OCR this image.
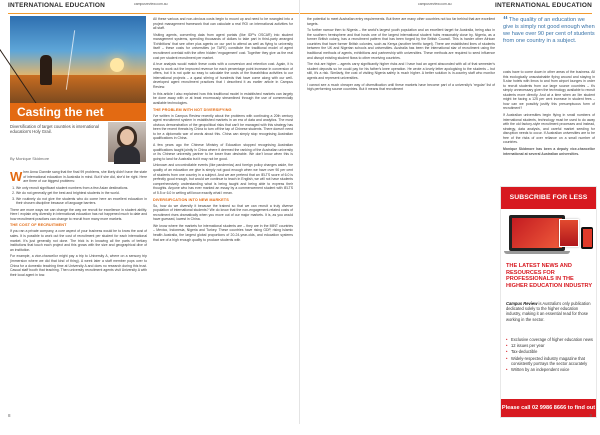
INTERNATIONAL EDUCATION	campusreview.com.au
Casting the net
Diversification of target countries is international education's Holy Grail.
By Monique Skidmore

When Anna Ciannile sang that the final 99 problems, she likely didn't have the state of international education in Australia in mind. But if she did, she'd be right. Here are three of our biggest problems:

1. We only recruit significant student numbers from a few Asian destinations.
2. We do not generally get the best and brightest students in the world.
3. We routinely do not give the students who do come here an excellent education in their chosen discipline because of language barriers.

There are more ways we can change the way we recruit for excellence in student ability. Here I explain why diversity in international education has not happened much to date and how recruitment practices can change to recruit from many more markets.

THE COST OF RECRUITMENT

If you ran a private company, a core aspect of your business would be to know the cost of sales. It is possible to work out the cost of recruitment per student for each international market. It's just generally not done. The trick is in knowing all the parts of tertiary institutions that touch each project and this grows with the size and geographical dive of an institution.

For example, a vice-chancellor might pay a trip to University A, where on a sensory trip (immersion where we did that kind of thing). A week later a staff member pops over to China for a domestic teaching time at University A and does no research during this trust. Casual staff booth that teaching. Then university recruitment agents visit University A with their local agent in tow.

All these various and non-obvious costs begin to mount up and need to be wrangled into a project management framework that can calculate a real ROI on international activities for all staff.

Visiting agents, converting data from agent portals (like IDP's OSCAR) into student management systems, spending thousands of dollars to take part in third-party arranged 'Exhibitions' that see other plus agents on our part to attend as well as flying to university itself – these costs for universities (or TAFE) constitute the traditional model of agent recruitment overlaid with the often hidden 'engagement' cost. Together they give us the real cost per student recruitment per market.

A true analysis would match these costs with a conversion and retention cost. Again, it is easy to work out the improved revenue for each percentage point increase in conversion of offers, but it is not quite so easy to calculate the costs of the tharabihlica activities to our international projects – a quasi stirring of hundreds that have come along with our well-developed agent recruitment practices that I described it as earlier article in Campus Review.

In this article I also explained how this traditional model in established markets can largely be done away with or at least enormously streamlined through the use of commercially available technologies.

THE PROBLEM WITH NOT DIVERSIFYING

I've written in Campus Review recently about the problems with continuing a 20th century agent recruitment system in established markets in an era of data and analytics. The most obvious demonstration of the geopolitical risks that can't be managed with this strategy has been the recent threats by China to turn off the tap of Chinese students. There doesn't need to be a diplomatic war of words about this. China can simply stop recognising Australian qualifications in China.

A few years ago the Chinese Ministry of Education stopped recognising Australian qualifications taught jointly in China where it deemed the ranking of the Australian university or its Chinese university partner to be lower than desirable. We don't know when this is going to land for Australia but it may not be good.

Unknown and uncontrollable events (like pandemics) and foreign policy changes aside, the quality of an education we give is simply not good enough when we have over 90 per cent of students from one country in a subject. And we are pretend that an IELTS score of 6.0 is perfectly good enough, but would we continue to teach in English, we will not have students comprehensively understanding what is being taught and being able to express their thoughts. Anyone who has ever marked an essay by a commencement student with IELTS of 5.5 or 6.0 in writing will know exactly what I mean.

DIVERSIFICATION INTO NEW MARKETS

So, how do we diversify it because the trained so that we can recruit a truly diverse population of international students? We do know that the non-engagement-related costs of recruitment rises dramatically when you move out of our major markets. It is, as you would have guessed, lowest in China.

We know where the markets for international students are – they are in the MINT countries – Mexico, Indonesia, Nigeria and Turkey. These countries have rising GDP, rising Islamic health Australia, the largest global proportions of 20-24-year-olds, and education systems that are of a high enough quality to produce students with

8
campusreview.com.au	INTERNATIONAL EDUCATION

the potential to meet Australian entry requirements. But there are many other countries not too far behind that are excellent targets.

To further narrow then to Nigeria – the world's largest youth population and an excellent target for Australia, being also in the southern hemisphere and that hosts one of the largest international student hubs reasonably close by. Nigeria, as a former British colony, has a recruitment pattern that has been forged by the British Council. This is harder other African countries that have former British colonies, such as Kenya (another terrific target). There are established lines of students between the UK and Nigerian schools and universities. Australia has been the international star of recruitment using the traditional methods of agents, exhibitions and partnership with universities. These methods are required to seed influence and disrupt existing student flows to other receiving countries.

The risk are higher – agents carry significantly higher risks and I have had an agent absconded with all of that semester's student deposits so he could pay for his father's knee operation. He wrote a lovely letter apologising to the students – but still, it's a risk. Similarly, the cost of visiting Nigeria safely is much higher. A better solution is in-country staff who monitor agents and represent universities.

I cannot see a much cheaper way of diversification until these markets have become part of a university's 'regular' list of high-performing source countries. But it means that recruitment

“The quality of an education we give is simply not good enough when we have over 90 per cent of students from one country in a subject.

costs have to come down in other areas of the business. All this ecologically unsustainable flying around and staying in 5-star hotels with limos to and from airport lounges in order to recruit students from our large source countries – it's simply unnecessary given the technology available to recruit students more directly. And at a time when an IIm student might be facing a 125 per cent increase in student fees – how can we possibly justify this presumptuous form of recruitment?

If Australian universities begin flying in small numbers of international students, technology must be used to do away with the old factory-style recruitment processes and instead, strategy, data analysis, and careful market seeding for disruption needs to occur. If Australian universities are to be free of the risks of over reliance on a small number of countries.

Monique Skidmore has been a deputy vice-chancellor international at several Australian universities.

SUBSCRIBE FOR LESS
THE LATEST NEWS AND RESOURCES FOR PROFESSIONALS IN THE HIGHER EDUCATION INDUSTRY
Campus Review is Australia's only publication dedicated solely to the higher education industry, making it an essential read for those working in the sector.
• Exclusive coverage of higher education news
• 12 issues per year
• Tax-deductible
• Widely-respected industry magazine that consistently portrays the sector accurately
• Written by an independent voice
Please call 02 9986 8666 to find out more.
9
